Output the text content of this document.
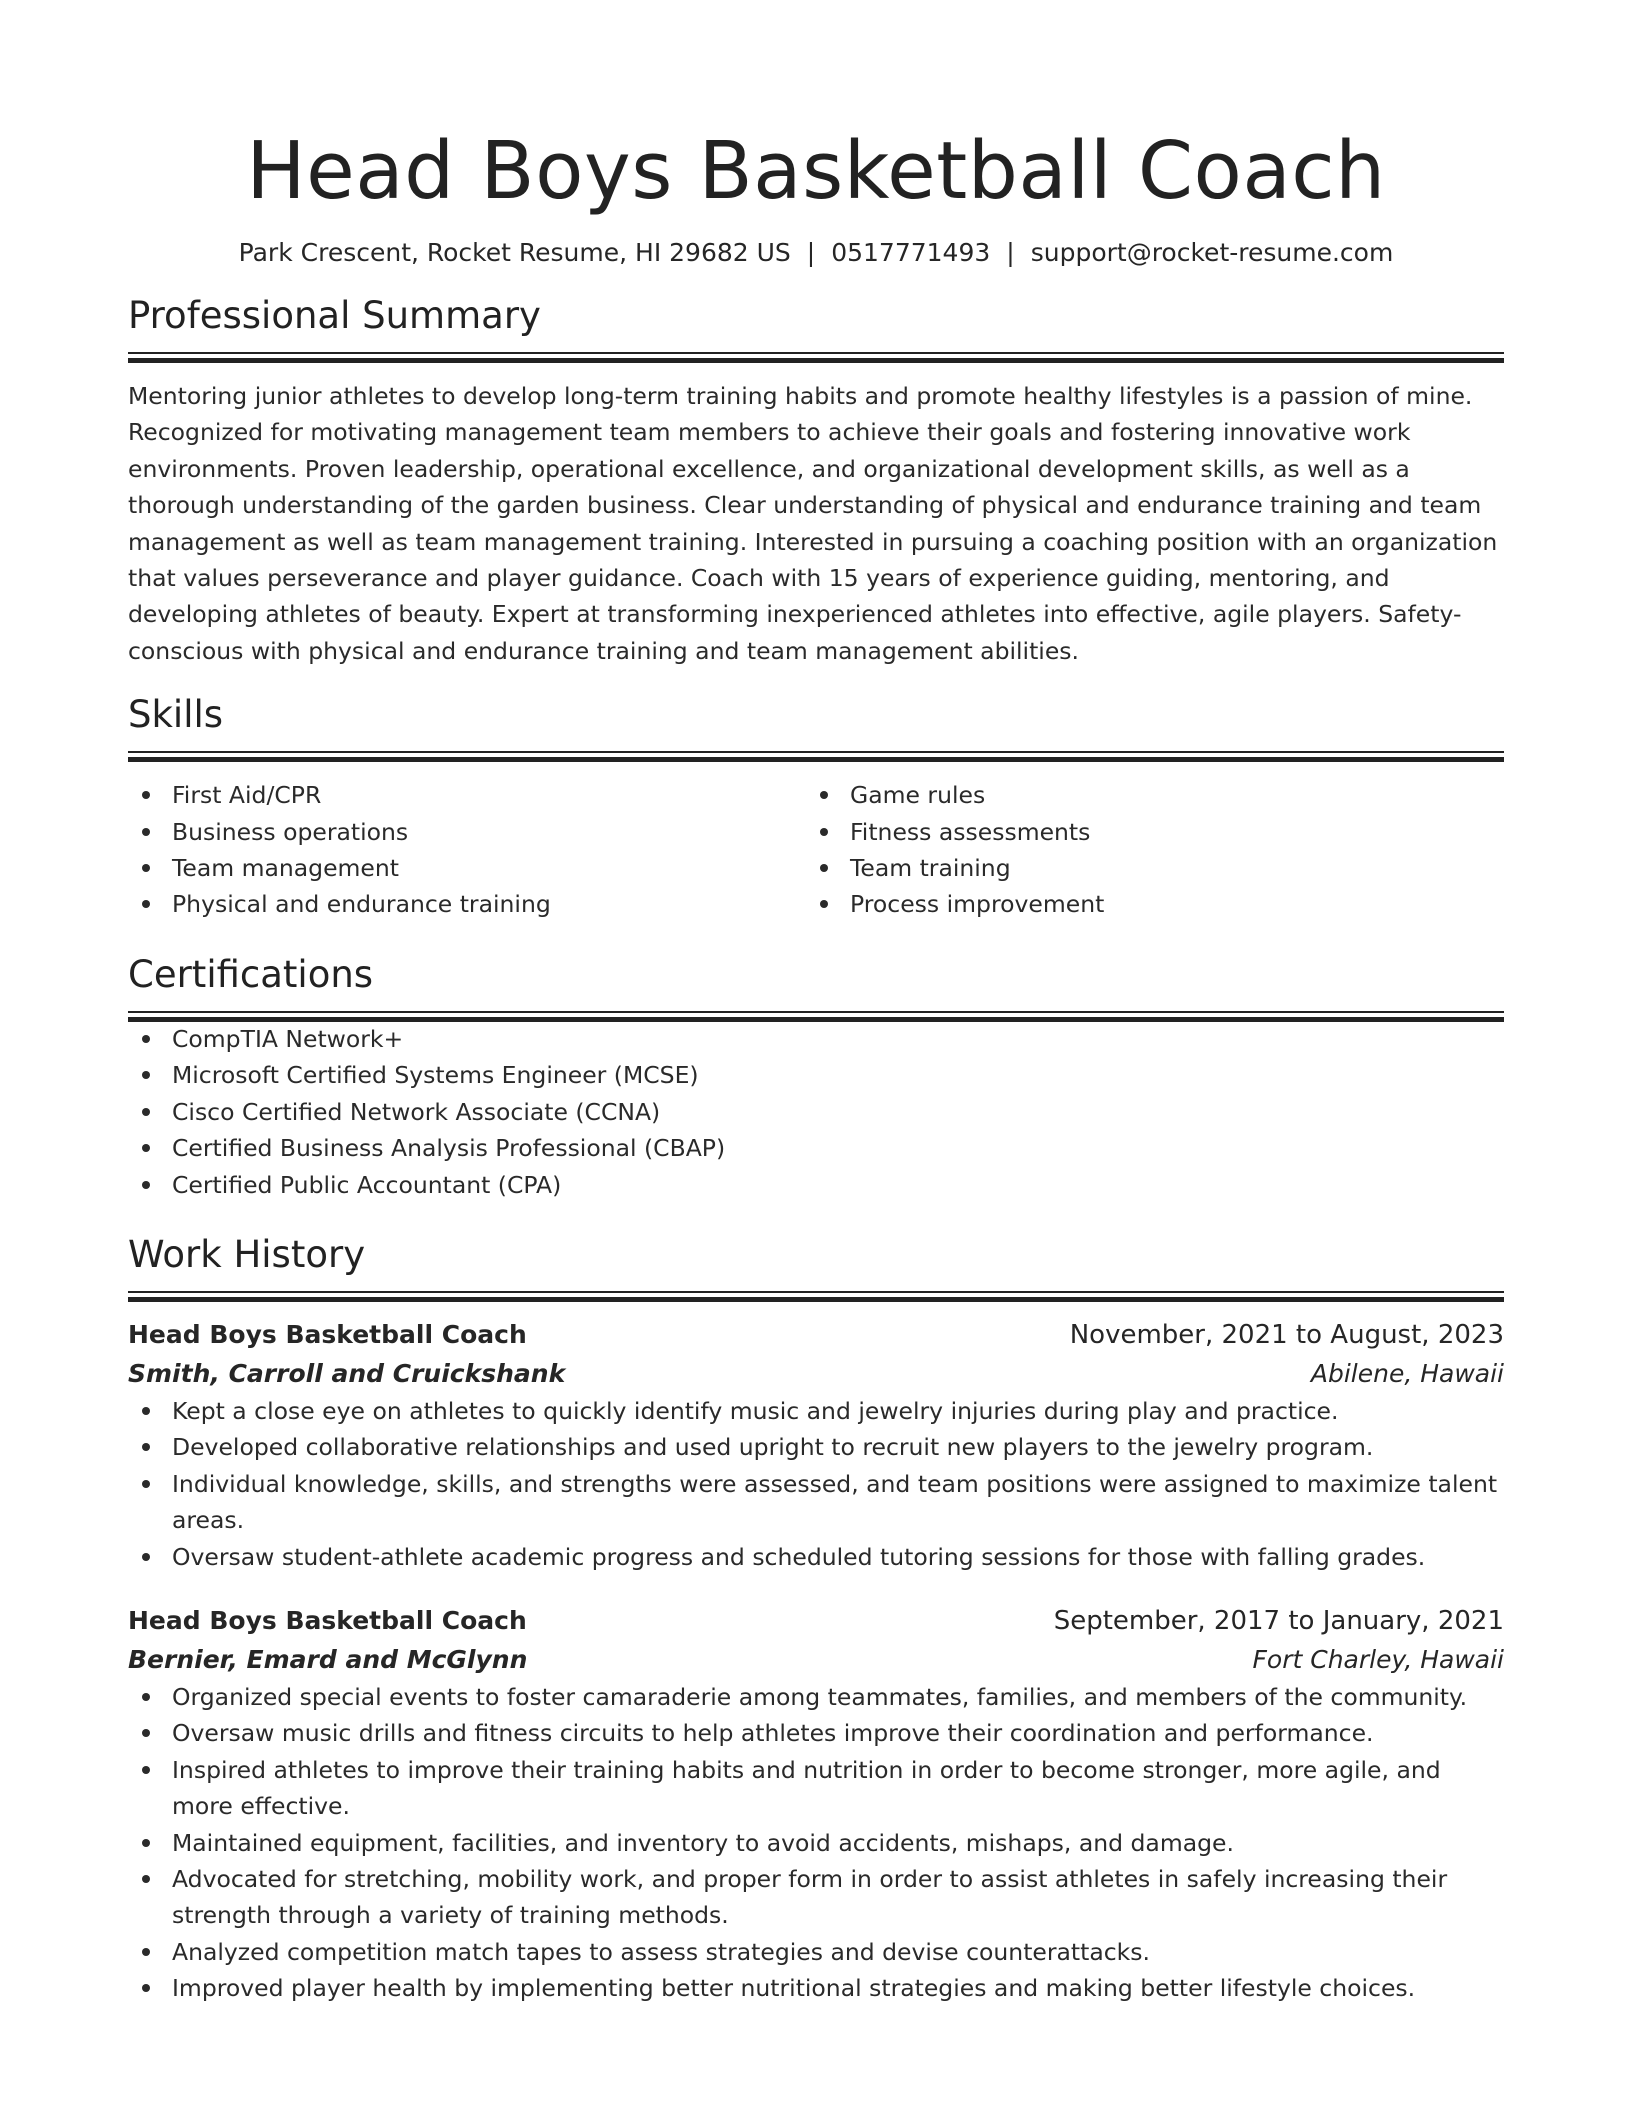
Head Boys Basketball Coach
Park Crescent, Rocket Resume, HI 29682 US | 0517771493 | support@rocket-resume.com
Professional Summary

Mentoring junior athletes to develop long-term training habits and promote healthy lifestyles is a passion of mine. Recognized for motivating management team members to achieve their goals and fostering innovative work environments. Proven leadership, operational excellence, and organizational development skills, as well as a thorough understanding of the garden business. Clear understanding of physical and endurance training and team management as well as team management training. Interested in pursuing a coaching position with an organization that values perseverance and player guidance. Coach with 15 years of experience guiding, mentoring, and developing athletes of beauty. Expert at transforming inexperienced athletes into effective, agile players. Safety-conscious with physical and endurance training and team management abilities.

Skills
First Aid/CPR
Business operations
Team management
Physical and endurance training
Game rules
Fitness assessments
Team training
Process improvement
Certifications
CompTIA Network+
Microsoft Certified Systems Engineer (MCSE)
Cisco Certified Network Associate (CCNA)
Certified Business Analysis Professional (CBAP)
Certified Public Accountant (CPA)
Work History
Head Boys Basketball Coach	November, 2021 to August, 2023
Smith, Carroll and Cruickshank	Abilene, Hawaii
Kept a close eye on athletes to quickly identify music and jewelry injuries during play and practice.
Developed collaborative relationships and used upright to recruit new players to the jewelry program.
Individual knowledge, skills, and strengths were assessed, and team positions were assigned to maximize talent areas.
Oversaw student-athlete academic progress and scheduled tutoring sessions for those with falling grades.
Head Boys Basketball Coach	September, 2017 to January, 2021
Bernier, Emard and McGlynn	Fort Charley, Hawaii
Organized special events to foster camaraderie among teammates, families, and members of the community.
Oversaw music drills and fitness circuits to help athletes improve their coordination and performance.
Inspired athletes to improve their training habits and nutrition in order to become stronger, more agile, and more effective.
Maintained equipment, facilities, and inventory to avoid accidents, mishaps, and damage.
Advocated for stretching, mobility work, and proper form in order to assist athletes in safely increasing their strength through a variety of training methods.
Analyzed competition match tapes to assess strategies and devise counterattacks.
Improved player health by implementing better nutritional strategies and making better lifestyle choices.
